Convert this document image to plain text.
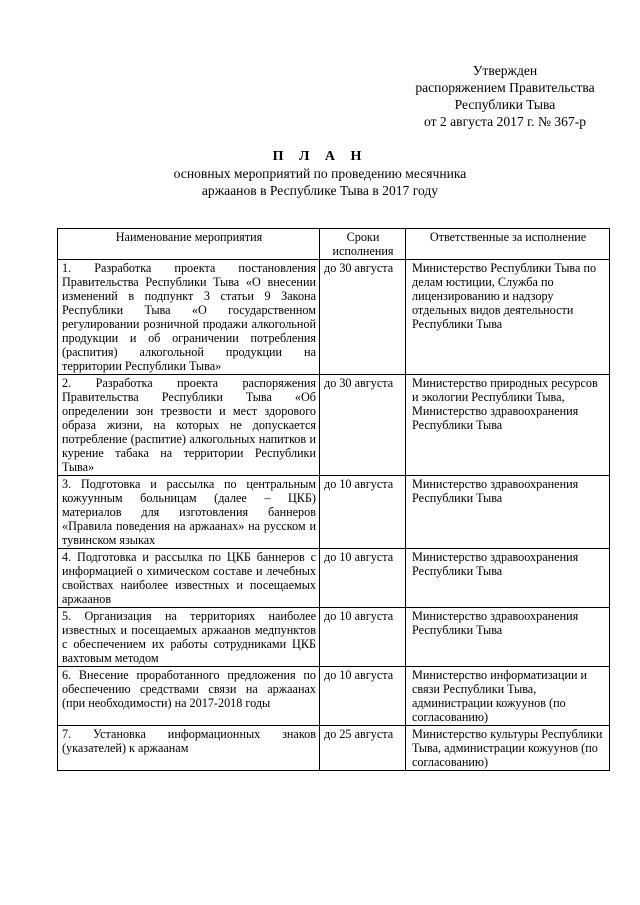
Утвержден
распоряжением Правительства
Республики Тыва
от 2 августа 2017 г. № 367-р
П Л А Н
основных мероприятий по проведению месячника
аржаанов в Республике Тыва в 2017 году
Наименование мероприятия	Сроки исполнения	Ответственные за исполнение
1. Разработка проекта постановления Правительства Республики Тыва «О внесении изменений в подпункт 3 статьи 9 Закона Республики Тыва «О государственном регулировании розничной продажи алкогольной продукции и об ограничении потребления (распития) алкогольной продукции на территории Республики Тыва»	до 30 августа	Министерство Республики Тыва по делам юстиции, Служба по лицензированию и надзору отдельных видов деятельности Республики Тыва
2. Разработка проекта распоряжения Правительства Республики Тыва «Об определении зон трезвости и мест здорового образа жизни, на которых не допускается потребление (распитие) алкогольных напитков и курение табака на территории Республики Тыва»	до 30 августа	Министерство природных ресурсов и экологии Республики Тыва, Министерство здравоохранения Республики Тыва
3. Подготовка и рассылка по центральным кожуунным больницам (далее – ЦКБ) материалов для изготовления баннеров «Правила поведения на аржаанах» на русском и тувинском языках	до 10 августа	Министерство здравоохранения Республики Тыва
4. Подготовка и рассылка по ЦКБ баннеров с информацией о химическом составе и лечебных свойствах наиболее известных и посещаемых аржаанов	до 10 августа	Министерство здравоохранения Республики Тыва
5. Организация на территориях наиболее известных и посещаемых аржаанов медпунктов с обеспечением их работы сотрудниками ЦКБ вахтовым методом	до 10 августа	Министерство здравоохранения Республики Тыва
6. Внесение проработанного предложения по обеспечению средствами связи на аржаанах (при необходимости) на 2017-2018 годы	до 10 августа	Министерство информатизации и связи Республики Тыва, администрации кожуунов (по согласованию)
7. Установка информационных знаков (указателей) к аржаанам	до 25 августа	Министерство культуры Республики Тыва, администрации кожуунов (по согласованию)
